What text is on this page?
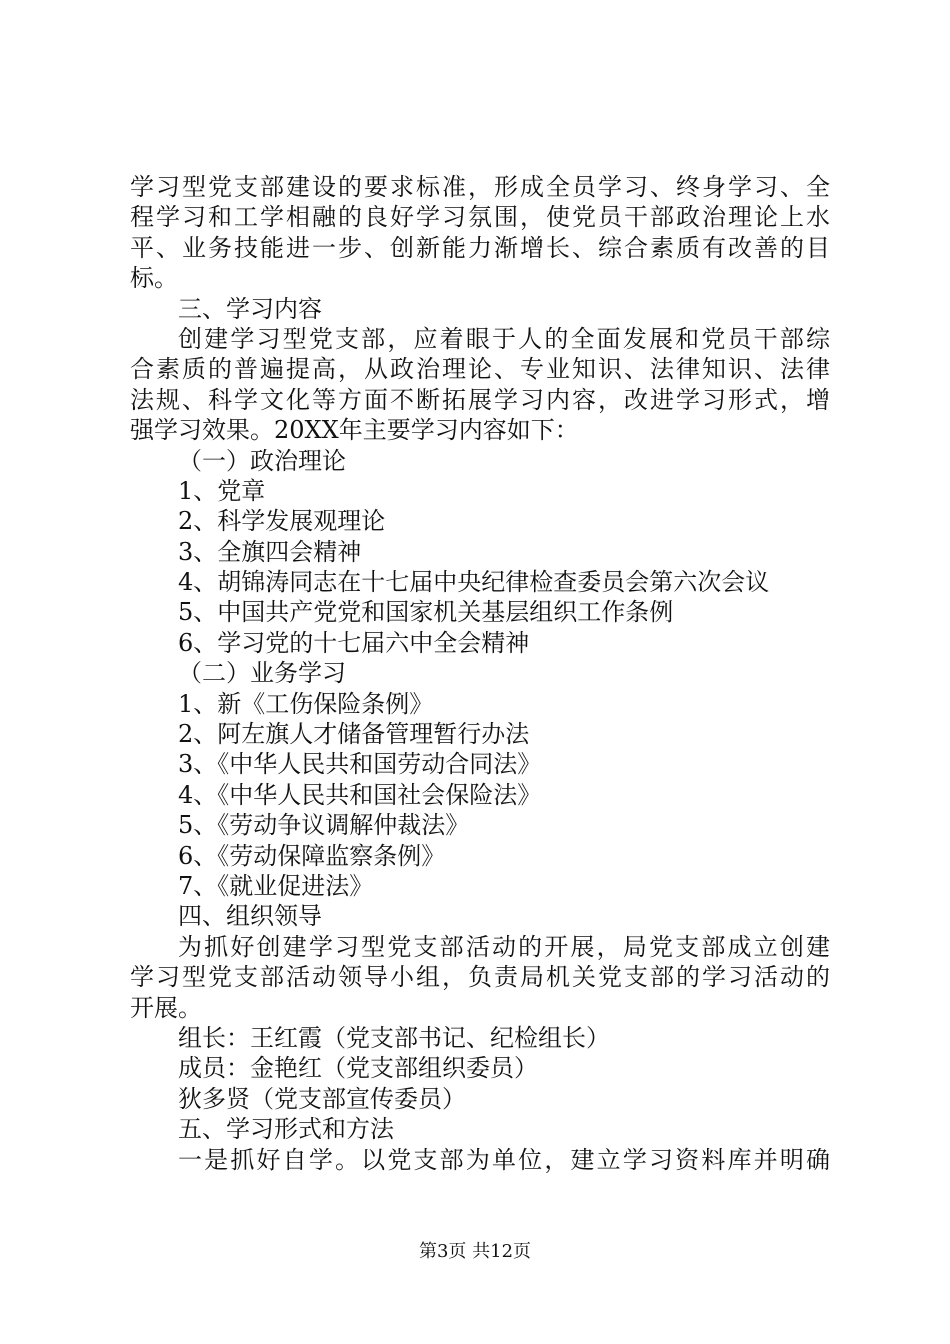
学习型党支部建设的要求标准，形成全员学习、终身学习、全
程学习和工学相融的良好学习氛围，使党员干部政治理论上水
平、业务技能进一步、创新能力渐增长、综合素质有改善的目
标。
三、学习内容
创建学习型党支部，应着眼于人的全面发展和党员干部综
合素质的普遍提高，从政治理论、专业知识、法律知识、法律
法规、科学文化等方面不断拓展学习内容，改进学习形式，增
强学习效果。20XX年主要学习内容如下：
（一）政治理论
1、党章
2、科学发展观理论
3、全旗四会精神
4、胡锦涛同志在十七届中央纪律检查委员会第六次会议
5、中国共产党党和国家机关基层组织工作条例
6、学习党的十七届六中全会精神
（二）业务学习
1、新《工伤保险条例》
2、阿左旗人才储备管理暂行办法
3、《中华人民共和国劳动合同法》
4、《中华人民共和国社会保险法》
5、《劳动争议调解仲裁法》
6、《劳动保障监察条例》
7、《就业促进法》
四、组织领导
为抓好创建学习型党支部活动的开展，局党支部成立创建
学习型党支部活动领导小组，负责局机关党支部的学习活动的
开展。
组长：王红霞（党支部书记、纪检组长）
成员：金艳红（党支部组织委员）
狄多贤（党支部宣传委员）
五、学习形式和方法
一是抓好自学。以党支部为单位，建立学习资料库并明确
第3页 共12页
